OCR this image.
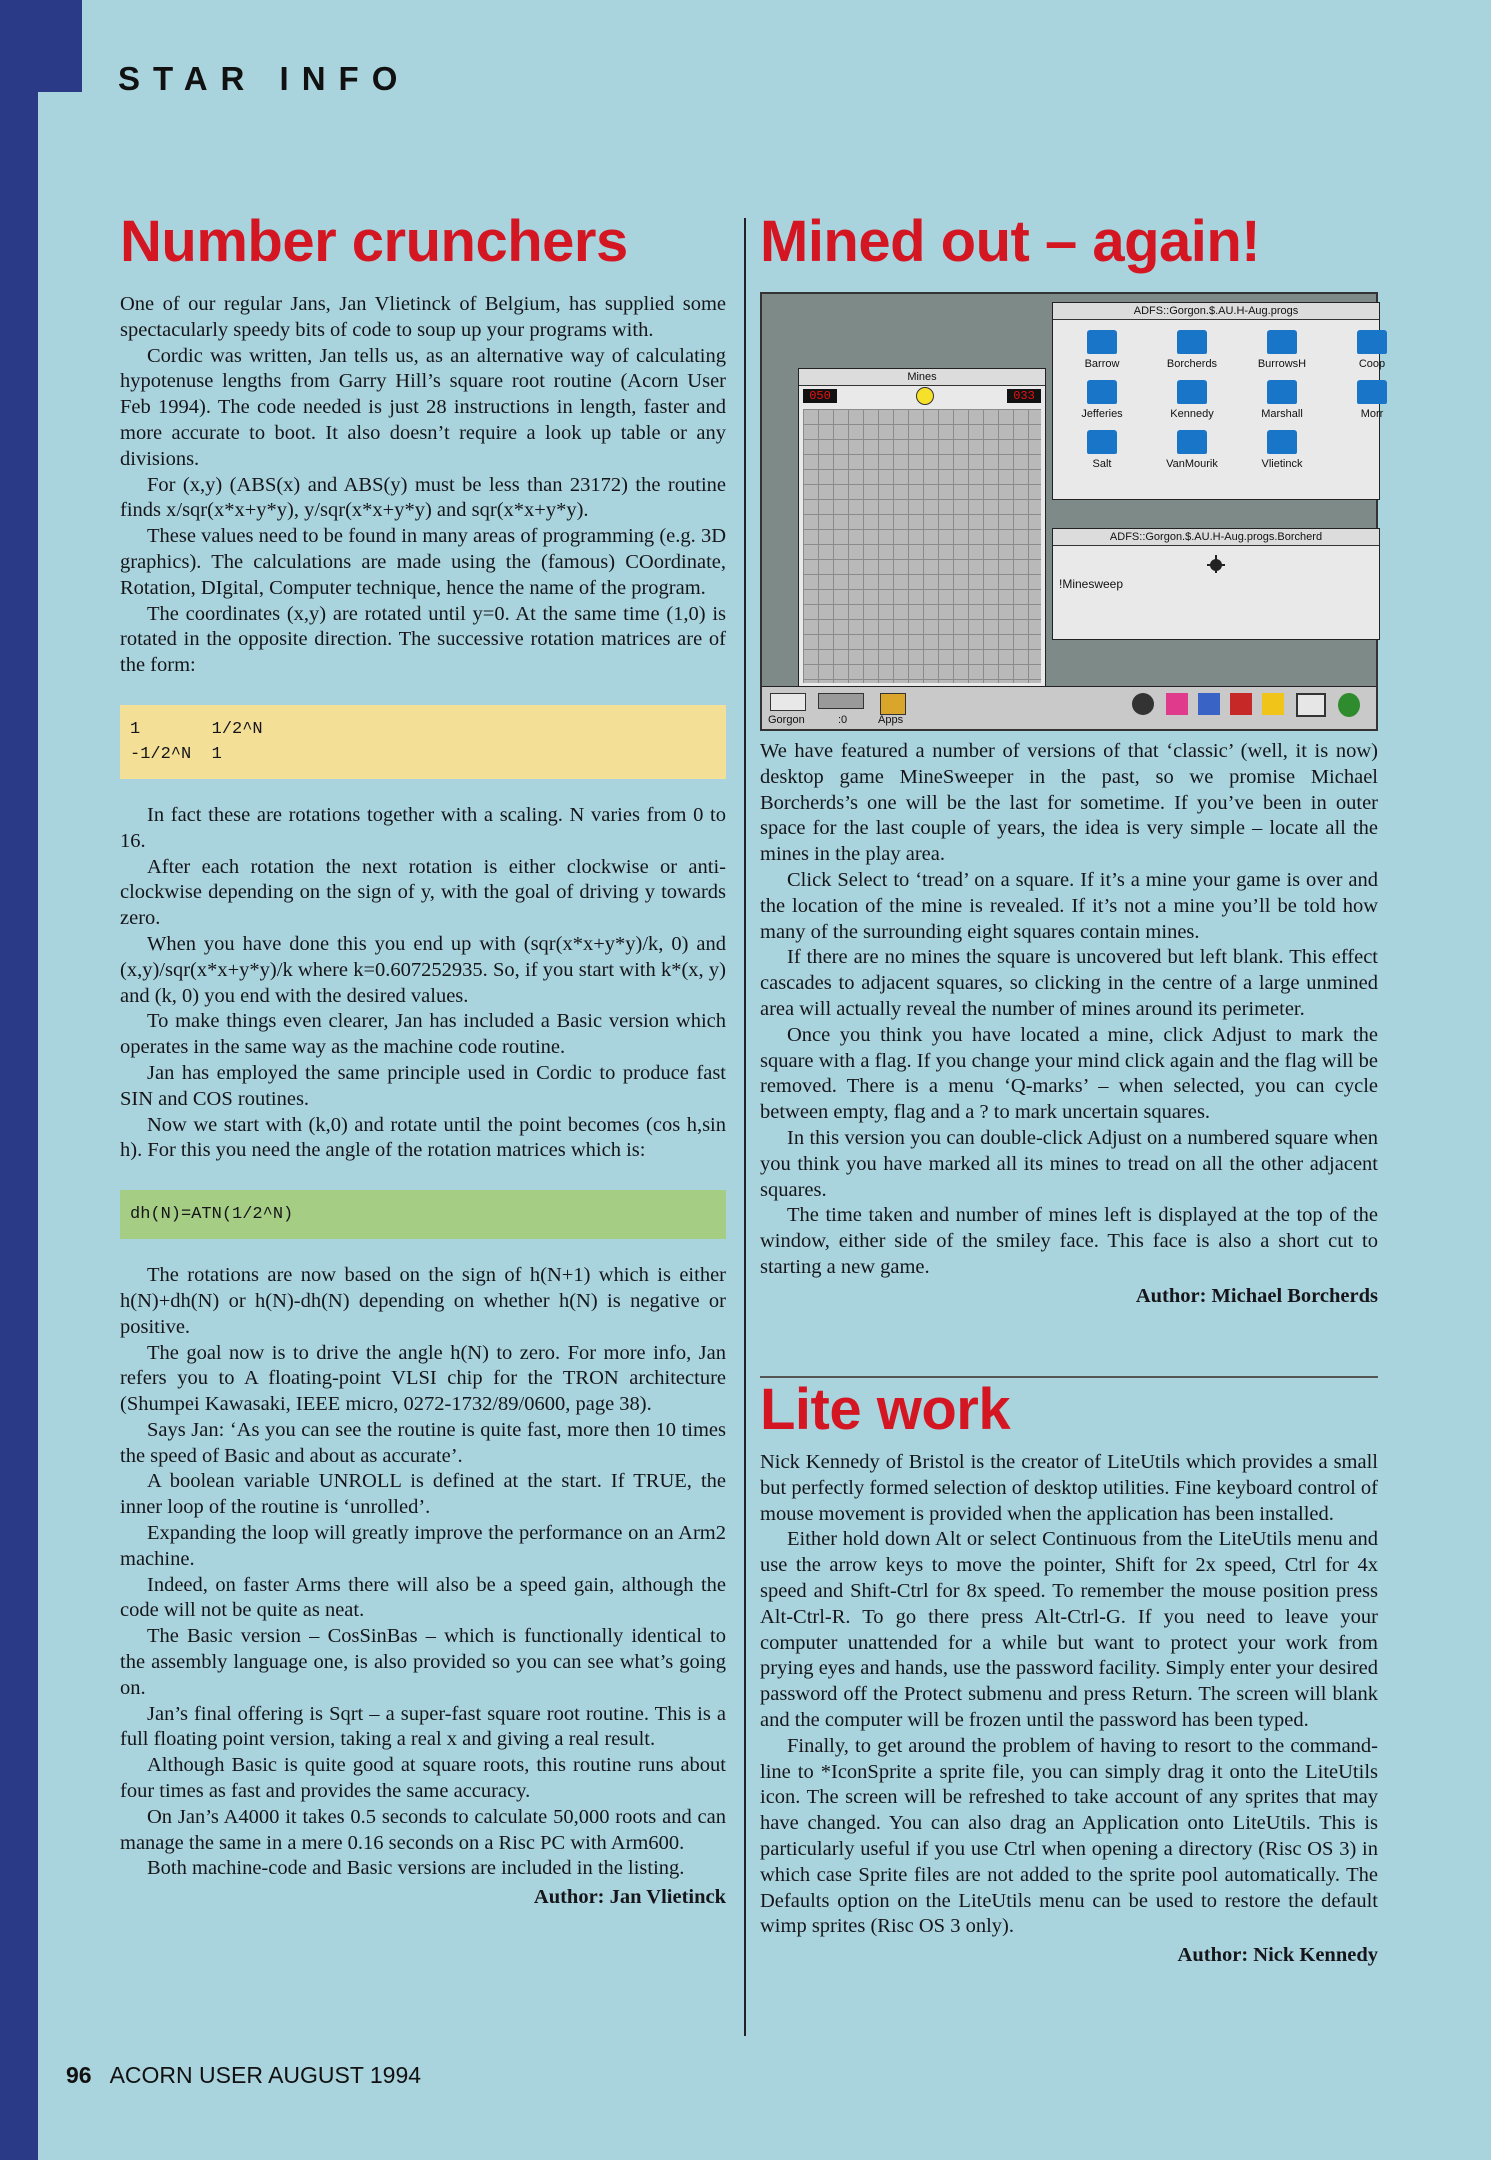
STAR INFO
Number crunchers

One of our regular Jans, Jan Vlietinck of Belgium, has supplied some spectacularly speedy bits of code to soup up your programs with.

Cordic was written, Jan tells us, as an alternative way of calculating hypotenuse lengths from Garry Hill’s square root routine (Acorn User Feb 1994). The code needed is just 28 instructions in length, faster and more accurate to boot. It also doesn’t require a look up table or any divisions.

For (x,y) (ABS(x) and ABS(y) must be less than 23172) the routine finds x/sqr(x*x+y*y), y/sqr(x*x+y*y) and sqr(x*x+y*y).

These values need to be found in many areas of programming (e.g. 3D graphics). The calculations are made using the (famous) COordinate, Rotation, DIgital, Computer technique, hence the name of the program.

The coordinates (x,y) are rotated until y=0. At the same time (1,0) is rotated in the opposite direction. The successive rotation matrices are of the form:

1       1/2^N
-1/2^N  1

In fact these are rotations together with a scaling. N varies from 0 to 16.

After each rotation the next rotation is either clockwise or anti-clockwise depending on the sign of y, with the goal of driving y towards zero.

When you have done this you end up with (sqr(x*x+y*y)/k, 0) and (x,y)/sqr(x*x+y*y)/k where k=0.607252935. So, if you start with k*(x, y) and (k, 0) you end with the desired values.

To make things even clearer, Jan has included a Basic version which operates in the same way as the machine code routine.

Jan has employed the same principle used in Cordic to produce fast SIN and COS routines.

Now we start with (k,0) and rotate until the point becomes (cos h,sin h). For this you need the angle of the rotation matrices which is:

dh(N)=ATN(1/2^N)

The rotations are now based on the sign of h(N+1) which is either h(N)+dh(N) or h(N)-dh(N) depending on whether h(N) is negative or positive.

The goal now is to drive the angle h(N) to zero. For more info, Jan refers you to A floating-point VLSI chip for the TRON architecture (Shumpei Kawasaki, IEEE micro, 0272-1732/89/0600, page 38).

Says Jan: ‘As you can see the routine is quite fast, more then 10 times the speed of Basic and about as accurate’.

A boolean variable UNROLL is defined at the start. If TRUE, the inner loop of the routine is ‘unrolled’.

Expanding the loop will greatly improve the performance on an Arm2 machine.

Indeed, on faster Arms there will also be a speed gain, although the code will not be quite as neat.

The Basic version – CosSinBas – which is functionally identical to the assembly language one, is also provided so you can see what’s going on.

Jan’s final offering is Sqrt – a super-fast square root routine. This is a full floating point version, taking a real x and giving a real result.

Although Basic is quite good at square roots, this routine runs about four times as fast and provides the same accuracy.

On Jan’s A4000 it takes 0.5 seconds to calculate 50,000 roots and can manage the same in a mere 0.16 seconds on a Risc PC with Arm600.

Both machine-code and Basic versions are included in the listing.

Author: Jan Vlietinck
Mined out – again!
ADFS::Gorgon.$.AU.H-Aug.progs
Barrow	Borcherds	BurrowsH	Coop
Jefferies	Kennedy	Marshall	Morr
Salt	VanMourik	Vlietinck
ADFS::Gorgon.$.AU.H-Aug.progs.Borcherd
!Minesweep
Mines
050	033
Gorgon	:0	Apps

We have featured a number of versions of that ‘classic’ (well, it is now) desktop game MineSweeper in the past, so we promise Michael Borcherds’s one will be the last for sometime. If you’ve been in outer space for the last couple of years, the idea is very simple – locate all the mines in the play area.

Click Select to ‘tread’ on a square. If it’s a mine your game is over and the location of the mine is revealed. If it’s not a mine you’ll be told how many of the surrounding eight squares contain mines.

If there are no mines the square is uncovered but left blank. This effect cascades to adjacent squares, so clicking in the centre of a large unmined area will actually reveal the number of mines around its perimeter.

Once you think you have located a mine, click Adjust to mark the square with a flag. If you change your mind click again and the flag will be removed. There is a menu ‘Q-marks’ – when selected, you can cycle between empty, flag and a ? to mark uncertain squares.

In this version you can double-click Adjust on a numbered square when you think you have marked all its mines to tread on all the other adjacent squares.

The time taken and number of mines left is displayed at the top of the window, either side of the smiley face. This face is also a short cut to starting a new game.

Author: Michael Borcherds
Lite work

Nick Kennedy of Bristol is the creator of LiteUtils which provides a small but perfectly formed selection of desktop utilities. Fine keyboard control of mouse movement is provided when the application has been installed.

Either hold down Alt or select Continuous from the LiteUtils menu and use the arrow keys to move the pointer, Shift for 2x speed, Ctrl for 4x speed and Shift-Ctrl for 8x speed. To remember the mouse position press Alt-Ctrl-R. To go there press Alt-Ctrl-G. If you need to leave your computer unattended for a while but want to protect your work from prying eyes and hands, use the password facility. Simply enter your desired password off the Protect submenu and press Return. The screen will blank and the computer will be frozen until the password has been typed.

Finally, to get around the problem of having to resort to the command-line to *IconSprite a sprite file, you can simply drag it onto the LiteUtils icon. The screen will be refreshed to take account of any sprites that may have changed. You can also drag an Application onto LiteUtils. This is particularly useful if you use Ctrl when opening a directory (Risc OS 3) in which case Sprite files are not added to the sprite pool automatically. The Defaults option on the LiteUtils menu can be used to restore the default wimp sprites (Risc OS 3 only).

Author: Nick Kennedy
96 ACORN USER AUGUST 1994
